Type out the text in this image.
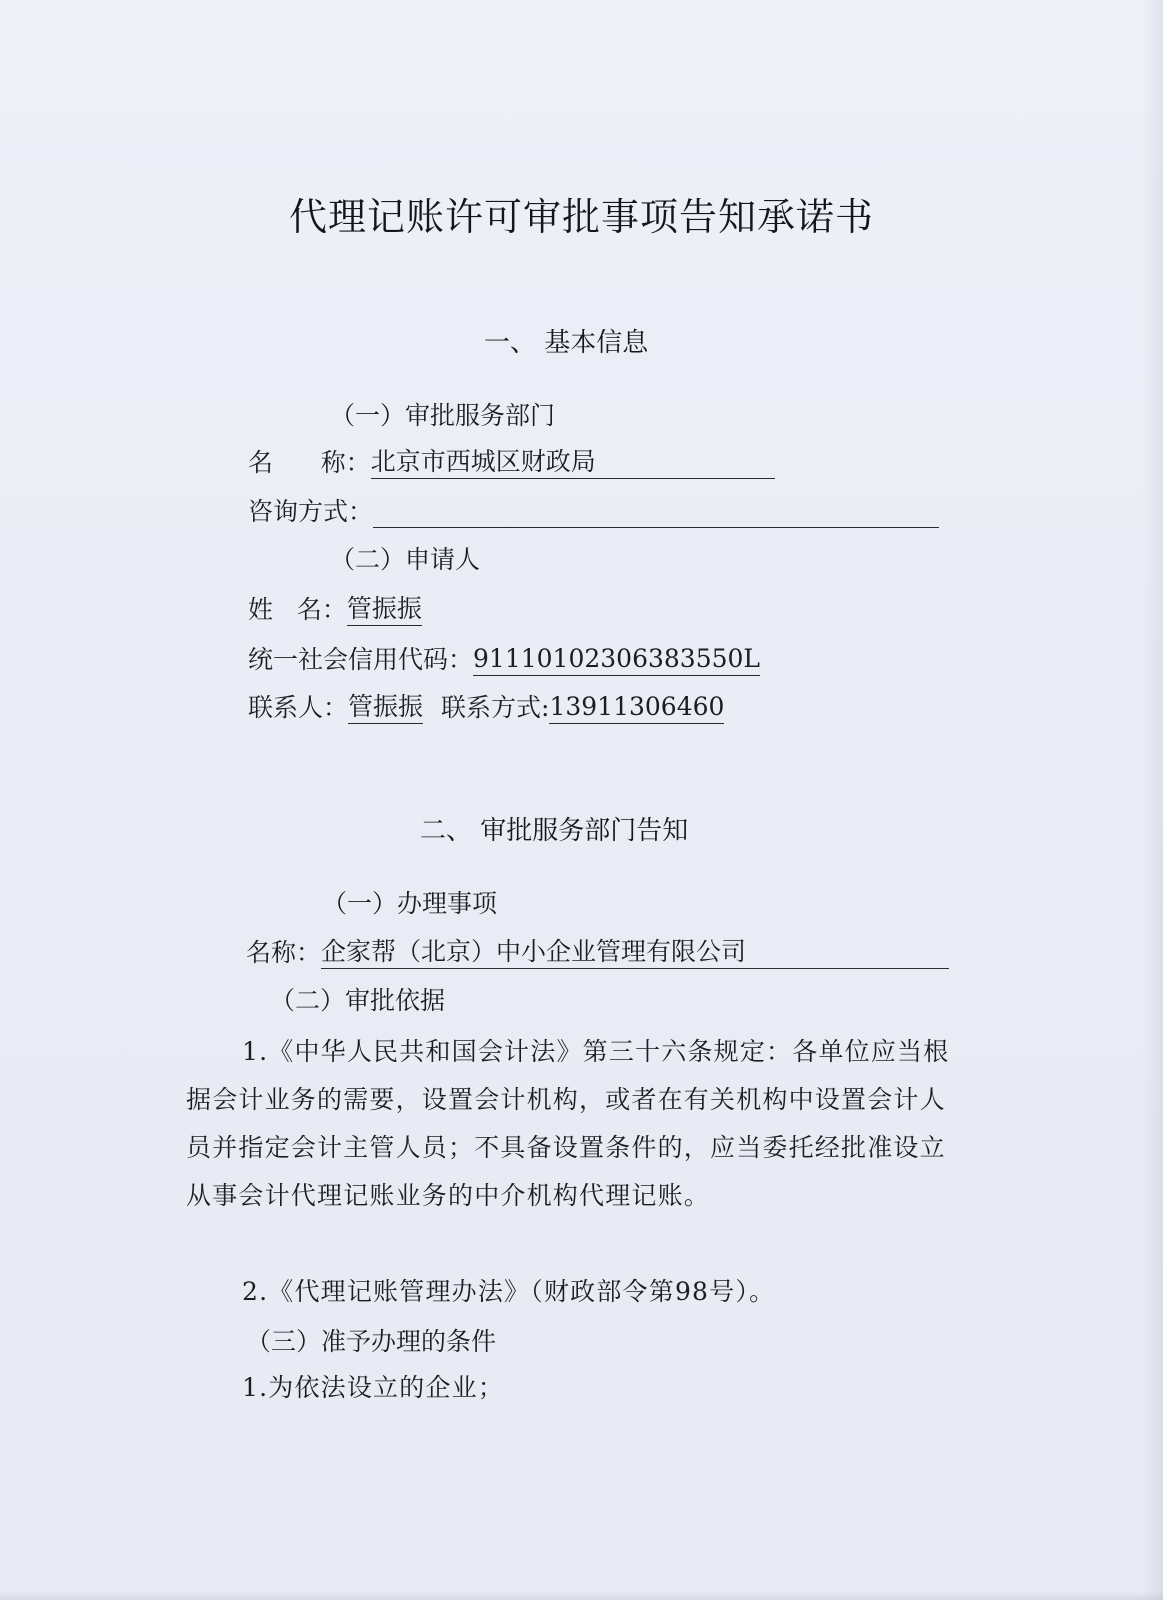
代理记账许可审批事项告知承诺书
一、 基本信息
（一）审批服务部门
名      称： 北京市西城区财政局
咨询方式：
（二）申请人
姓   名： 管振振
统一社会信用代码： 91110102306383550L
联系人： 管振振 联系方式: 13911306460
二、 审批服务部门告知
（一）办理事项
名称： 企家帮（北京）中小企业管理有限公司
（二）审批依据
1.《中华人民共和国会计法》第三十六条规定：各单位应当根据会计业务的需要，设置会计机构，或者在有关机构中设置会计人员并指定会计主管人员；不具备设置条件的，应当委托经批准设立从事会计代理记账业务的中介机构代理记账。
2.《代理记账管理办法》（财政部令第98号）。
（三）准予办理的条件
1.为依法设立的企业；
